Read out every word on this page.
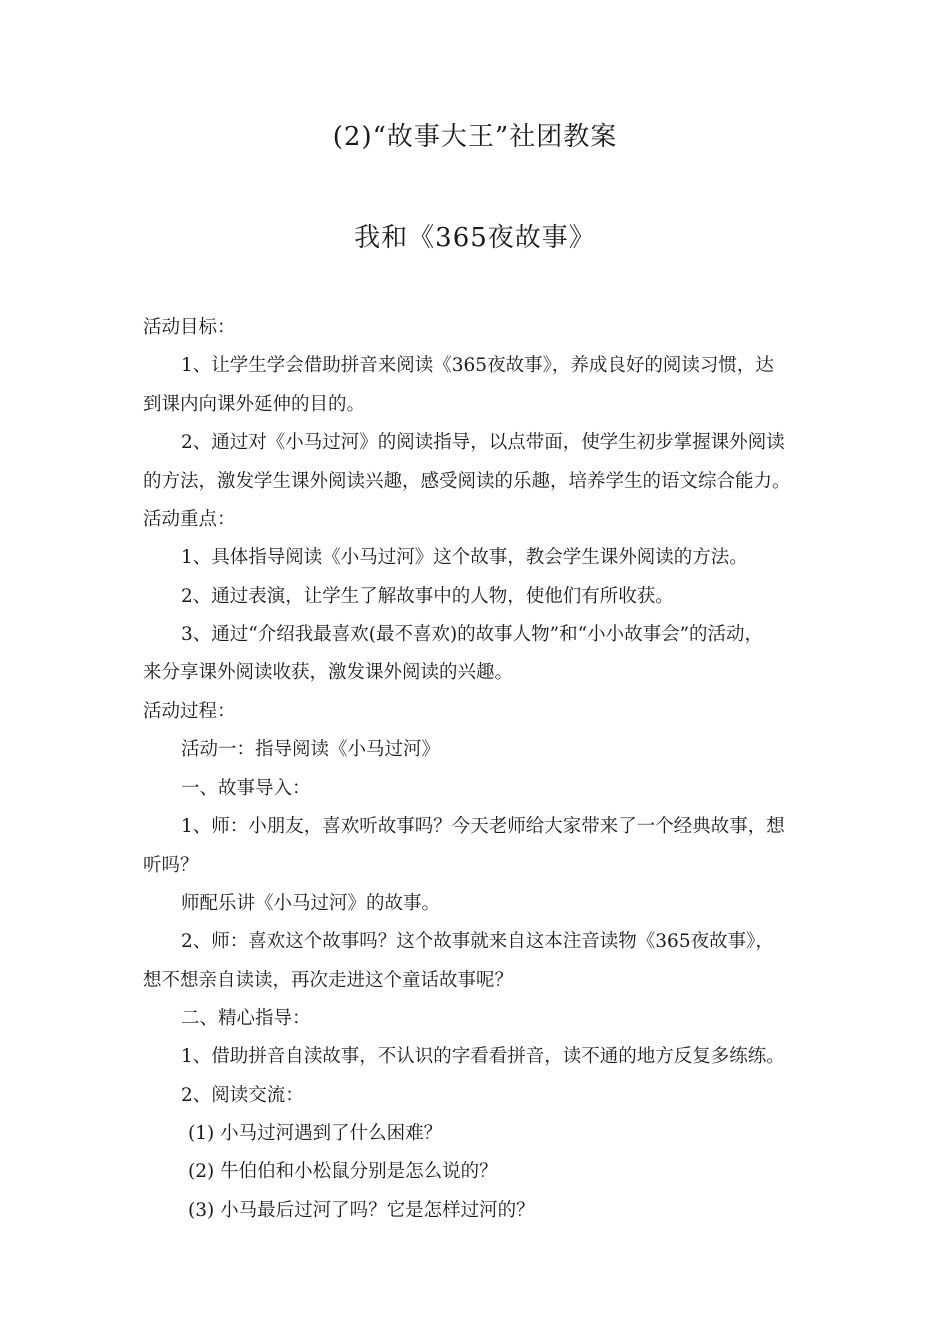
(2)“故事大王”社团教案
我和《365夜故事》
活动目标：
1、让学生学会借助拼音来阅读《365夜故事》，养成良好的阅读习惯，达
到课内向课外延伸的目的。
2、通过对《小马过河》的阅读指导，以点带面，使学生初步掌握课外阅读
的方法，激发学生课外阅读兴趣，感受阅读的乐趣，培养学生的语文综合能力。
活动重点：
1、具体指导阅读《小马过河》这个故事，教会学生课外阅读的方法。
2、通过表演，让学生了解故事中的人物，使他们有所收获。
3、通过“介绍我最喜欢(最不喜欢)的故事人物”和“小小故事会”的活动，
来分享课外阅读收获，激发课外阅读的兴趣。
活动过程：
活动一：指导阅读《小马过河》
一、故事导入：
1、师：小朋友，喜欢听故事吗？今天老师给大家带来了一个经典故事，想
听吗？
师配乐讲《小马过河》的故事。
2、师：喜欢这个故事吗？这个故事就来自这本注音读物《365夜故事》，
想不想亲自读读，再次走进这个童话故事呢？
二、精心指导：
1、借助拼音自渎故事，不认识的字看看拼音，读不通的地方反复多练练。
2、阅读交流：
(1) 小马过河遇到了什么困难？
(2) 牛伯伯和小松鼠分别是怎么说的？
(3) 小马最后过河了吗？它是怎样过河的？
